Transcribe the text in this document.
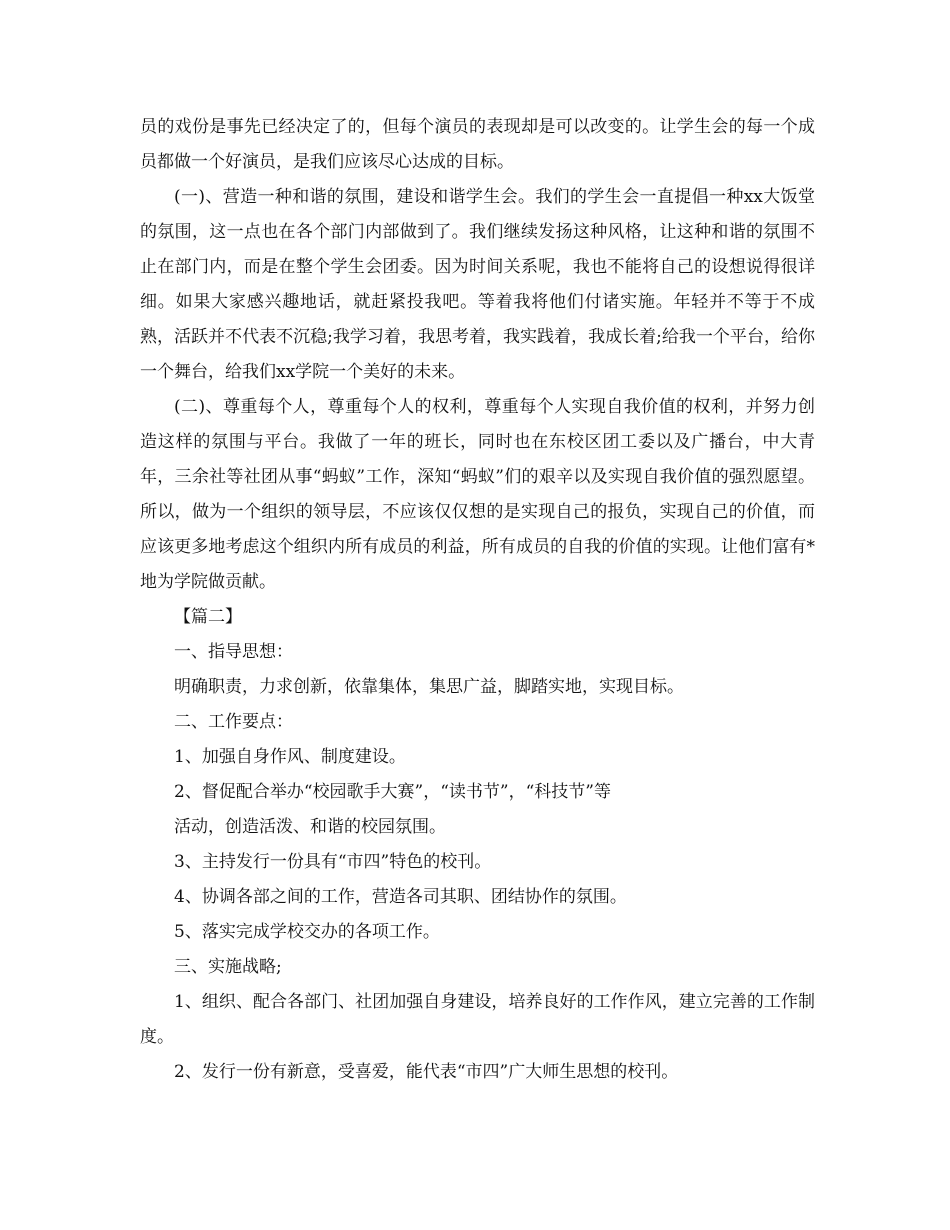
员的戏份是事先已经决定了的，但每个演员的表现却是可以改变的。让学生会的每一个成员都做一个好演员，是我们应该尽心达成的目标。

(一)、营造一种和谐的氛围，建设和谐学生会。我们的学生会一直提倡一种xx大饭堂的氛围，这一点也在各个部门内部做到了。我们继续发扬这种风格，让这种和谐的氛围不止在部门内，而是在整个学生会团委。因为时间关系呢，我也不能将自己的设想说得很详细。如果大家感兴趣地话，就赶紧投我吧。等着我将他们付诸实施。年轻并不等于不成熟，活跃并不代表不沉稳;我学习着，我思考着，我实践着，我成长着;给我一个平台，给你一个舞台，给我们xx学院一个美好的未来。

(二)、尊重每个人，尊重每个人的权利，尊重每个人实现自我价值的权利，并努力创造这样的氛围与平台。我做了一年的班长，同时也在东校区团工委以及广播台，中大青年，三余社等社团从事“蚂蚁”工作，深知“蚂蚁”们的艰辛以及实现自我价值的强烈愿望。所以，做为一个组织的领导层，不应该仅仅想的是实现自己的报负，实现自己的价值，而应该更多地考虑这个组织内所有成员的利益，所有成员的自我的价值的实现。让他们富有*地为学院做贡献。

【篇二】

一、指导思想：

明确职责，力求创新，依靠集体，集思广益，脚踏实地，实现目标。

二、工作要点：

1、加强自身作风、制度建设。

2、督促配合举办“校园歌手大赛”，“读书节”，“科技节”等

活动，创造活泼、和谐的校园氛围。

3、主持发行一份具有“市四”特色的校刊。

4、协调各部之间的工作，营造各司其职、团结协作的氛围。

5、落实完成学校交办的各项工作。

三、实施战略;

1、组织、配合各部门、社团加强自身建设，培养良好的工作作风，建立完善的工作制度。

2、发行一份有新意，受喜爱，能代表“市四”广大师生思想的校刊。
